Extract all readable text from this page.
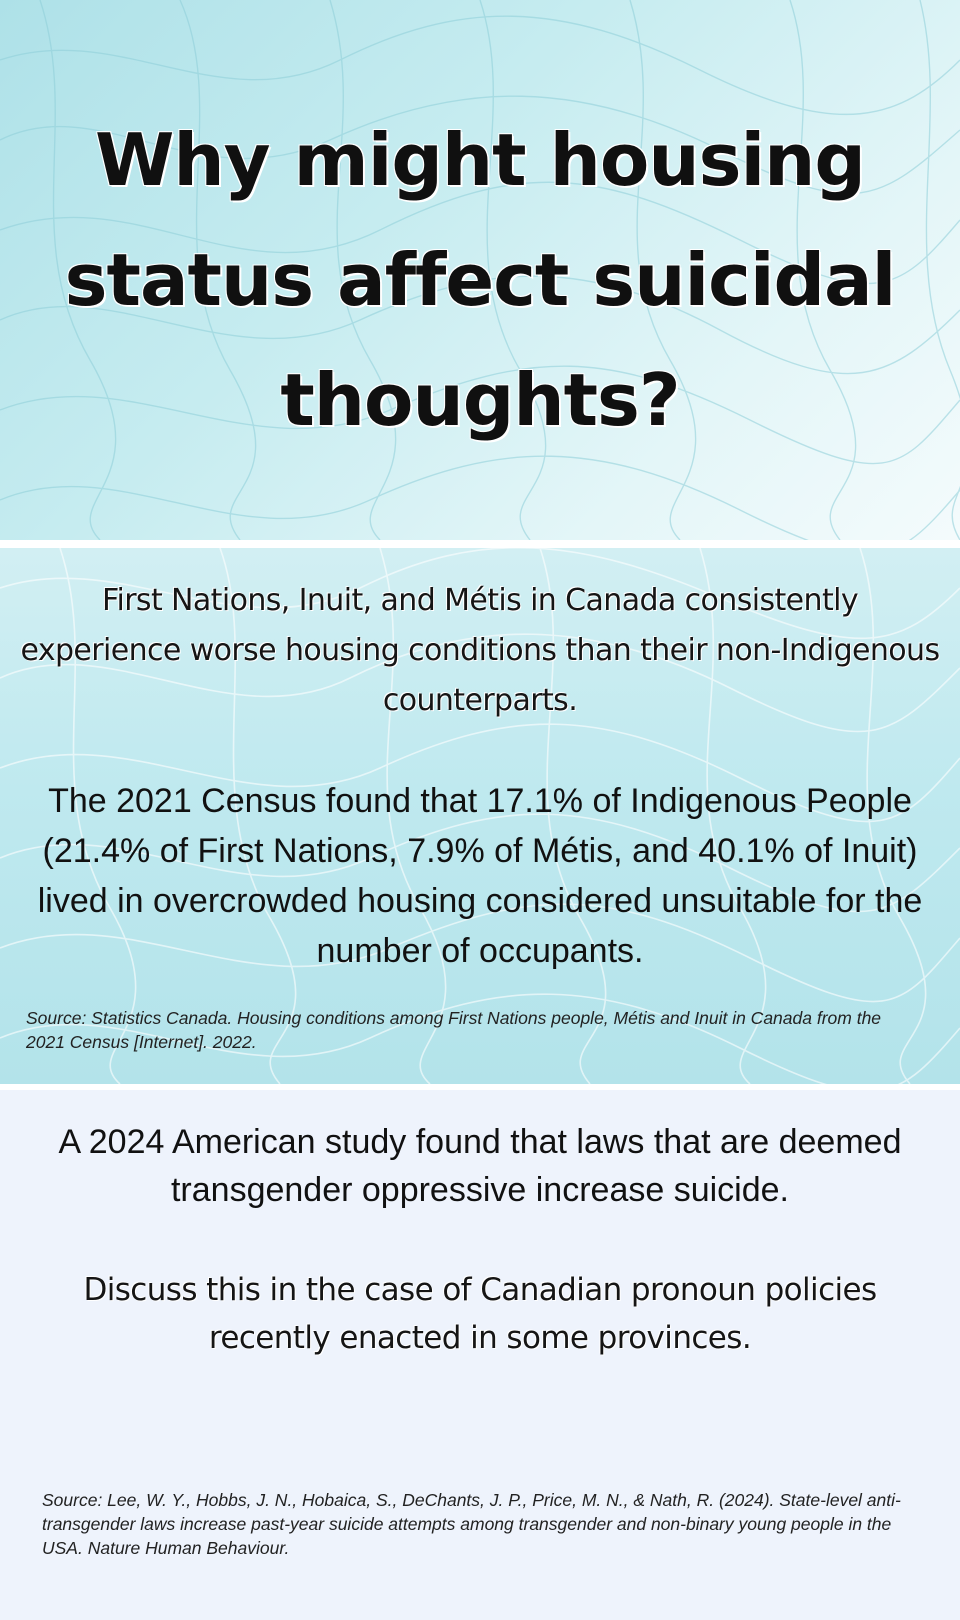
Why might housing status affect suicidal thoughts?

First Nations, Inuit, and Métis in Canada consistently experience worse housing conditions than their non-Indigenous counterparts.

The 2021 Census found that 17.1% of Indigenous People (21.4% of First Nations, 7.9% of Métis, and 40.1% of Inuit) lived in overcrowded housing considered unsuitable for the number of occupants.

Source: Statistics Canada. Housing conditions among First Nations people, Métis and Inuit in Canada from the 2021 Census [Internet]. 2022.

A 2024 American study found that laws that are deemed transgender oppressive increase suicide.

Discuss this in the case of Canadian pronoun policies recently enacted in some provinces.

Source: Lee, W. Y., Hobbs, J. N., Hobaica, S., DeChants, J. P., Price, M. N., & Nath, R. (2024). State-level anti-transgender laws increase past-year suicide attempts among transgender and non-binary young people in the USA. Nature Human Behaviour.
